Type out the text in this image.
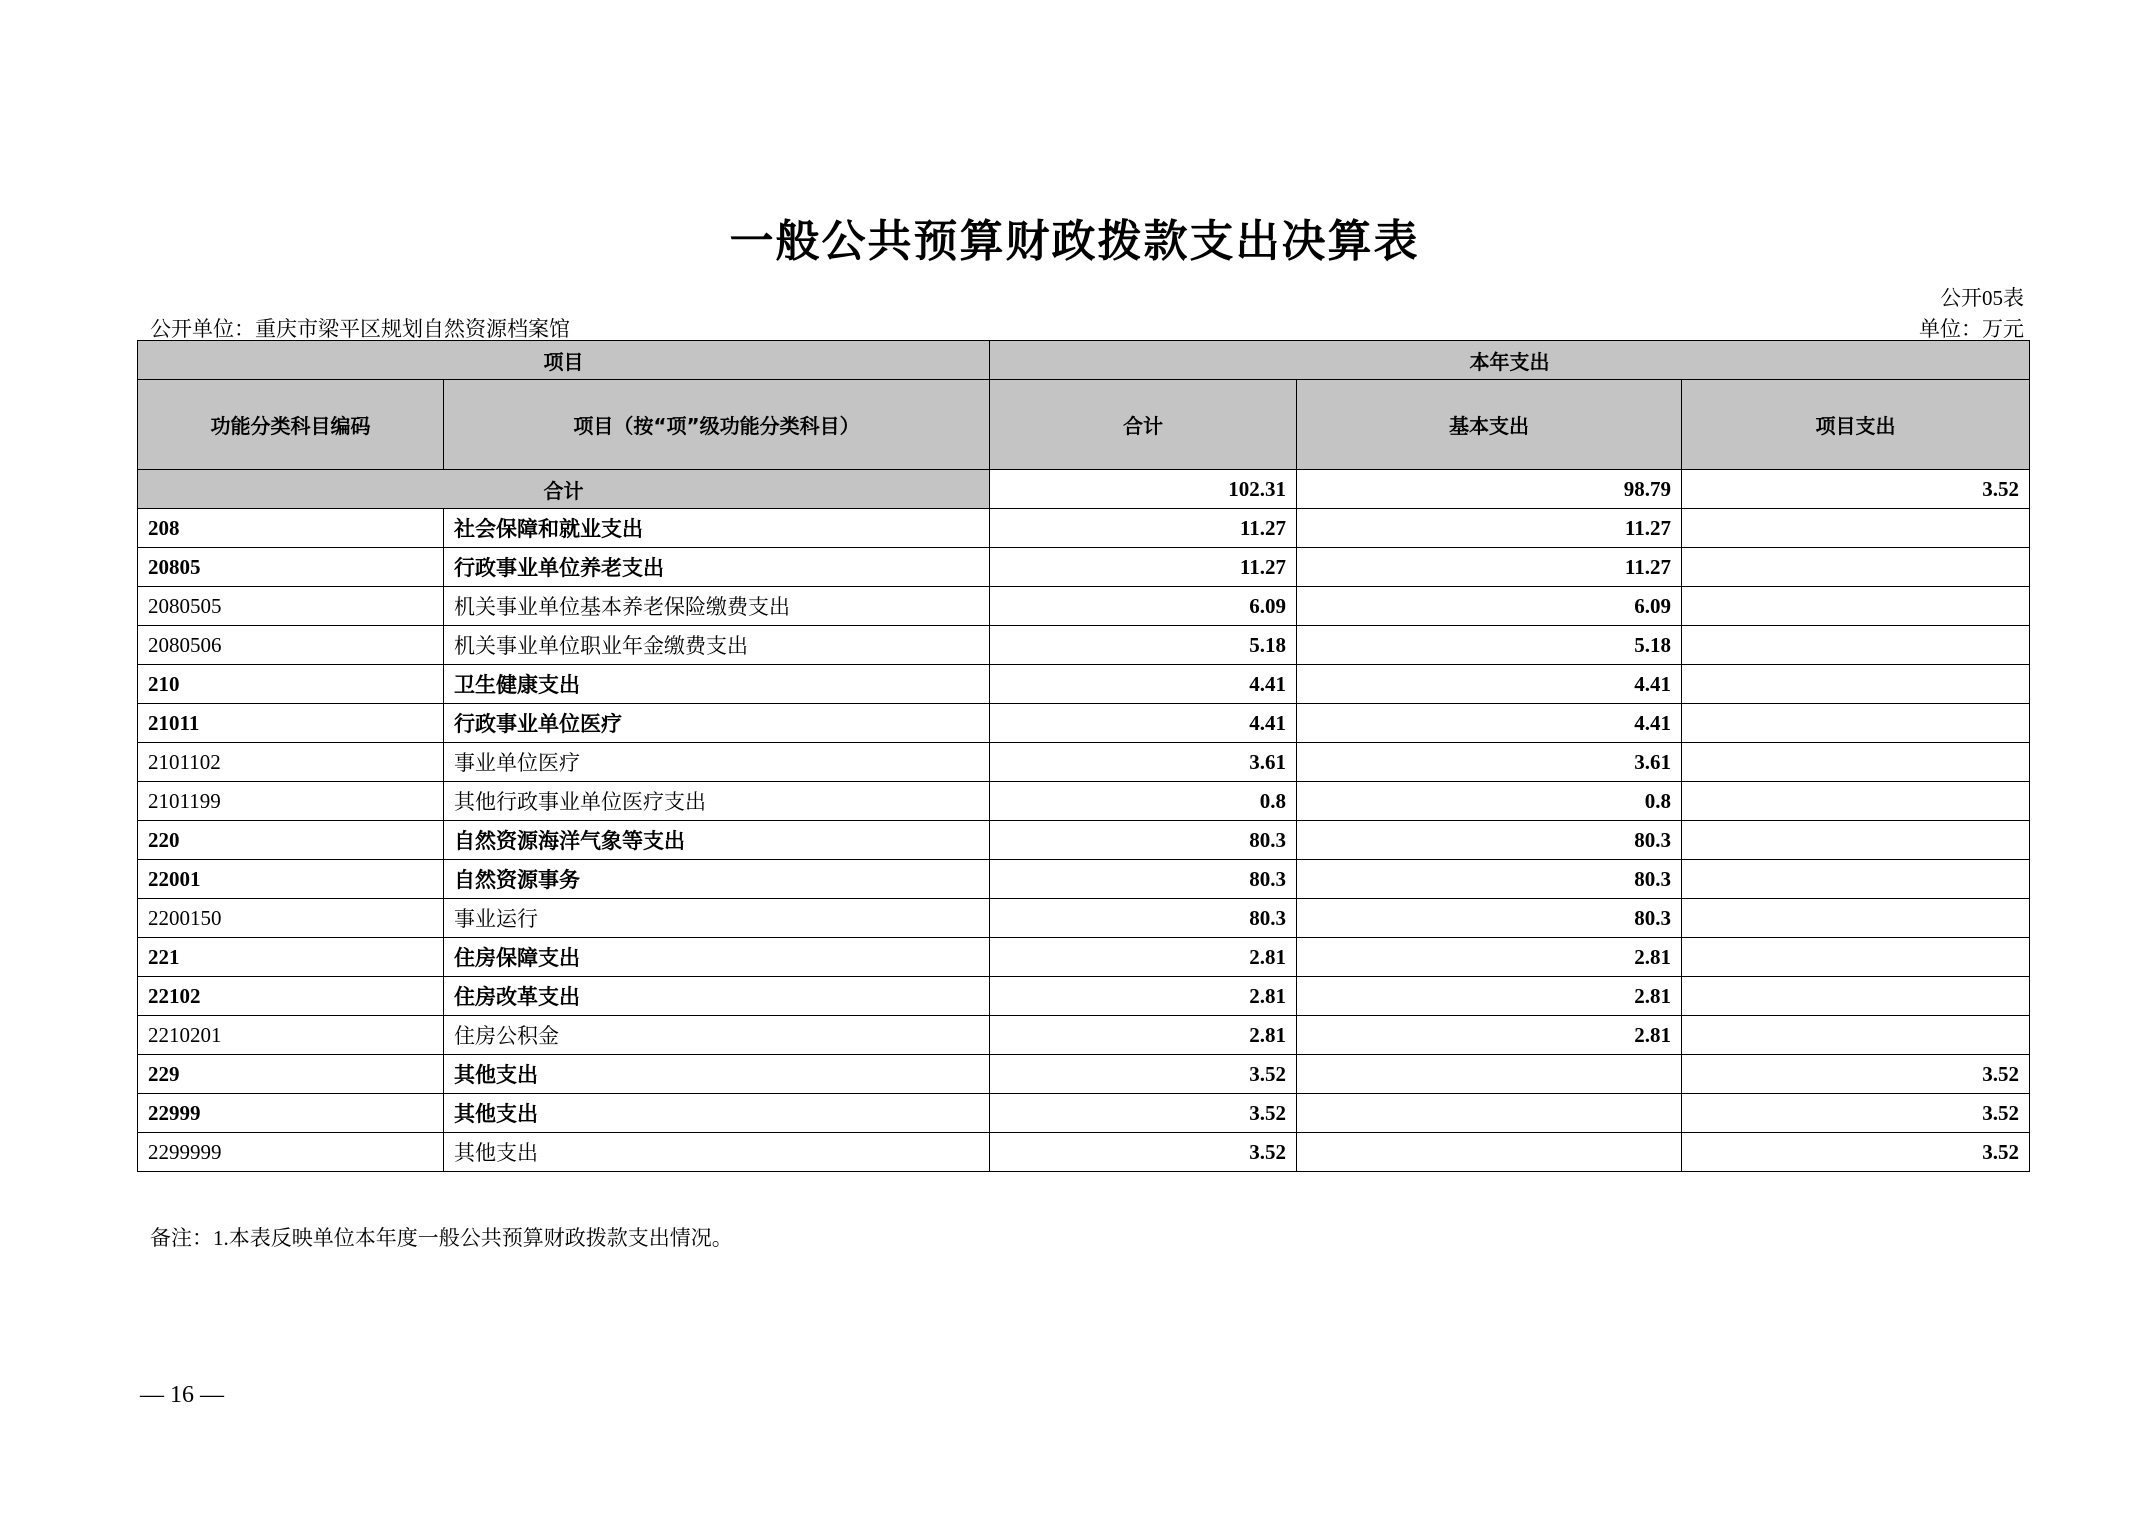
一般公共预算财政拨款支出决算表
公开05表
公开单位：重庆市梁平区规划自然资源档案馆	单位：万元
项目		本年支出		
功能分类科目编码	项目（按“项”级功能分类科目）	合计	基本支出	项目支出
合计		102.31	98.79	3.52
208	社会保障和就业支出	11.27	11.27	
20805	行政事业单位养老支出	11.27	11.27	
2080505	机关事业单位基本养老保险缴费支出	6.09	6.09	
2080506	机关事业单位职业年金缴费支出	5.18	5.18	
210	卫生健康支出	4.41	4.41	
21011	行政事业单位医疗	4.41	4.41	
2101102	事业单位医疗	3.61	3.61	
2101199	其他行政事业单位医疗支出	0.8	0.8	
220	自然资源海洋气象等支出	80.3	80.3	
22001	自然资源事务	80.3	80.3	
2200150	事业运行	80.3	80.3	
221	住房保障支出	2.81	2.81	
22102	住房改革支出	2.81	2.81	
2210201	住房公积金	2.81	2.81	
229	其他支出	3.52		3.52
22999	其他支出	3.52		3.52
2299999	其他支出	3.52		3.52
备注：1.本表反映单位本年度一般公共预算财政拨款支出情况。
— 16 —
